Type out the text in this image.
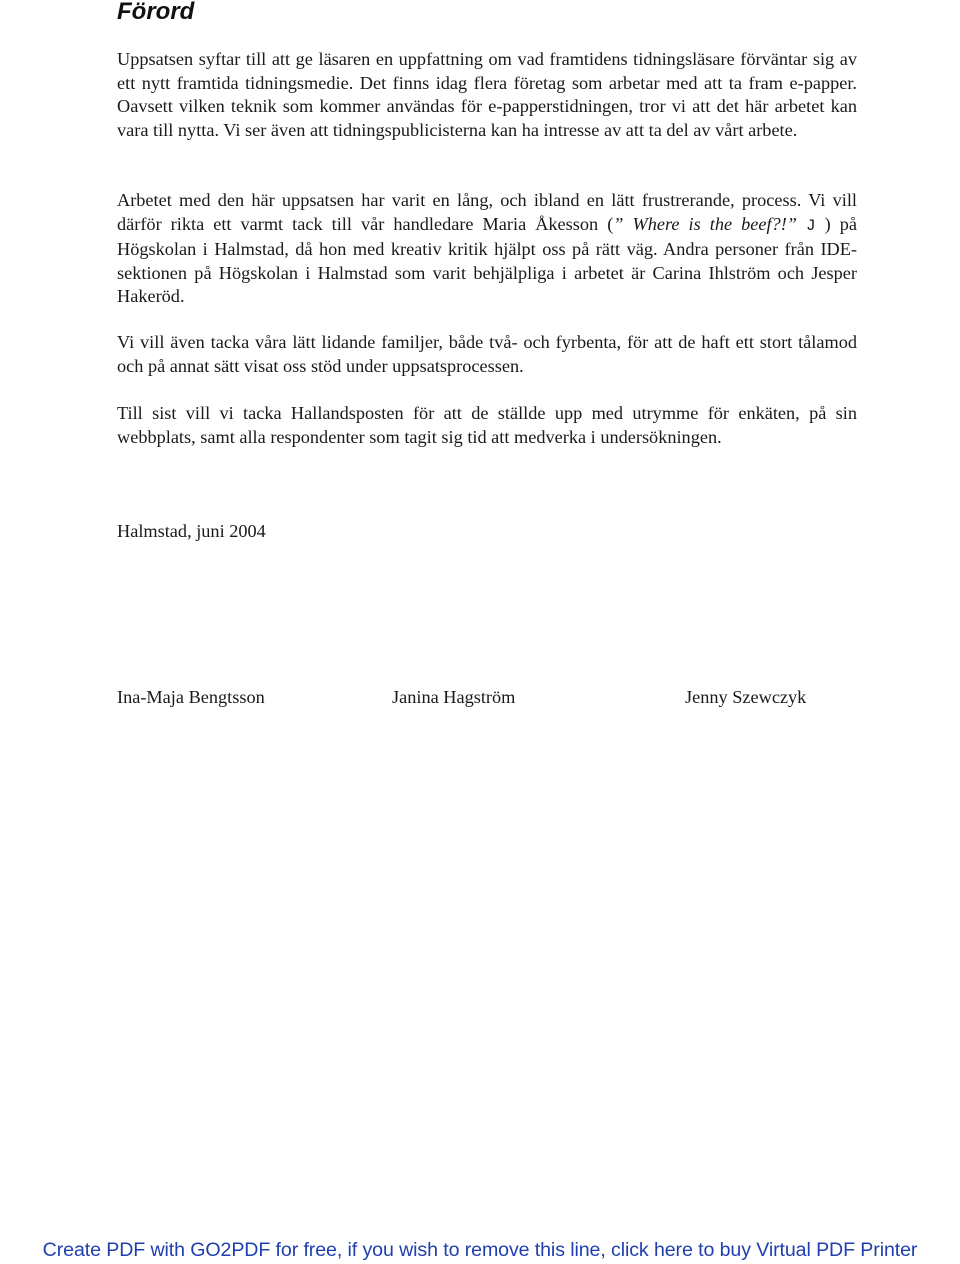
Förord

Uppsatsen syftar till att ge läsaren en uppfattning om vad framtidens tidningsläsare förväntar sig av ett nytt framtida tidningsmedie. Det finns idag flera företag som arbetar med att ta fram e-papper. Oavsett vilken teknik som kommer användas för e-papperstidningen, tror vi att det här arbetet kan vara till nytta. Vi ser även att tidningspublicisterna kan ha intresse av att ta del av vårt arbete.

Arbetet med den här uppsatsen har varit en lång, och ibland en lätt frustrerande, process. Vi vill därför rikta ett varmt tack till vår handledare Maria Åkesson (” Where is the beef?!” J ) på Högskolan i Halmstad, då hon med kreativ kritik hjälpt oss på rätt väg. Andra personer från IDE-sektionen på Högskolan i Halmstad som varit behjälpliga i arbetet är Carina Ihlström och Jesper Hakeröd.

Vi vill även tacka våra lätt lidande familjer, både två- och fyrbenta, för att de haft ett stort tålamod och på annat sätt visat oss stöd under uppsatsprocessen.

Till sist vill vi tacka Hallandsposten för att de ställde upp med utrymme för enkäten, på sin webbplats, samt alla respondenter som tagit sig tid att medverka i undersökningen.

Halmstad, juni 2004

Ina-Maja Bengtsson	Janina Hagström	Jenny Szewczyk

Create PDF with GO2PDF for free, if you wish to remove this line, click here to buy Virtual PDF Printer
